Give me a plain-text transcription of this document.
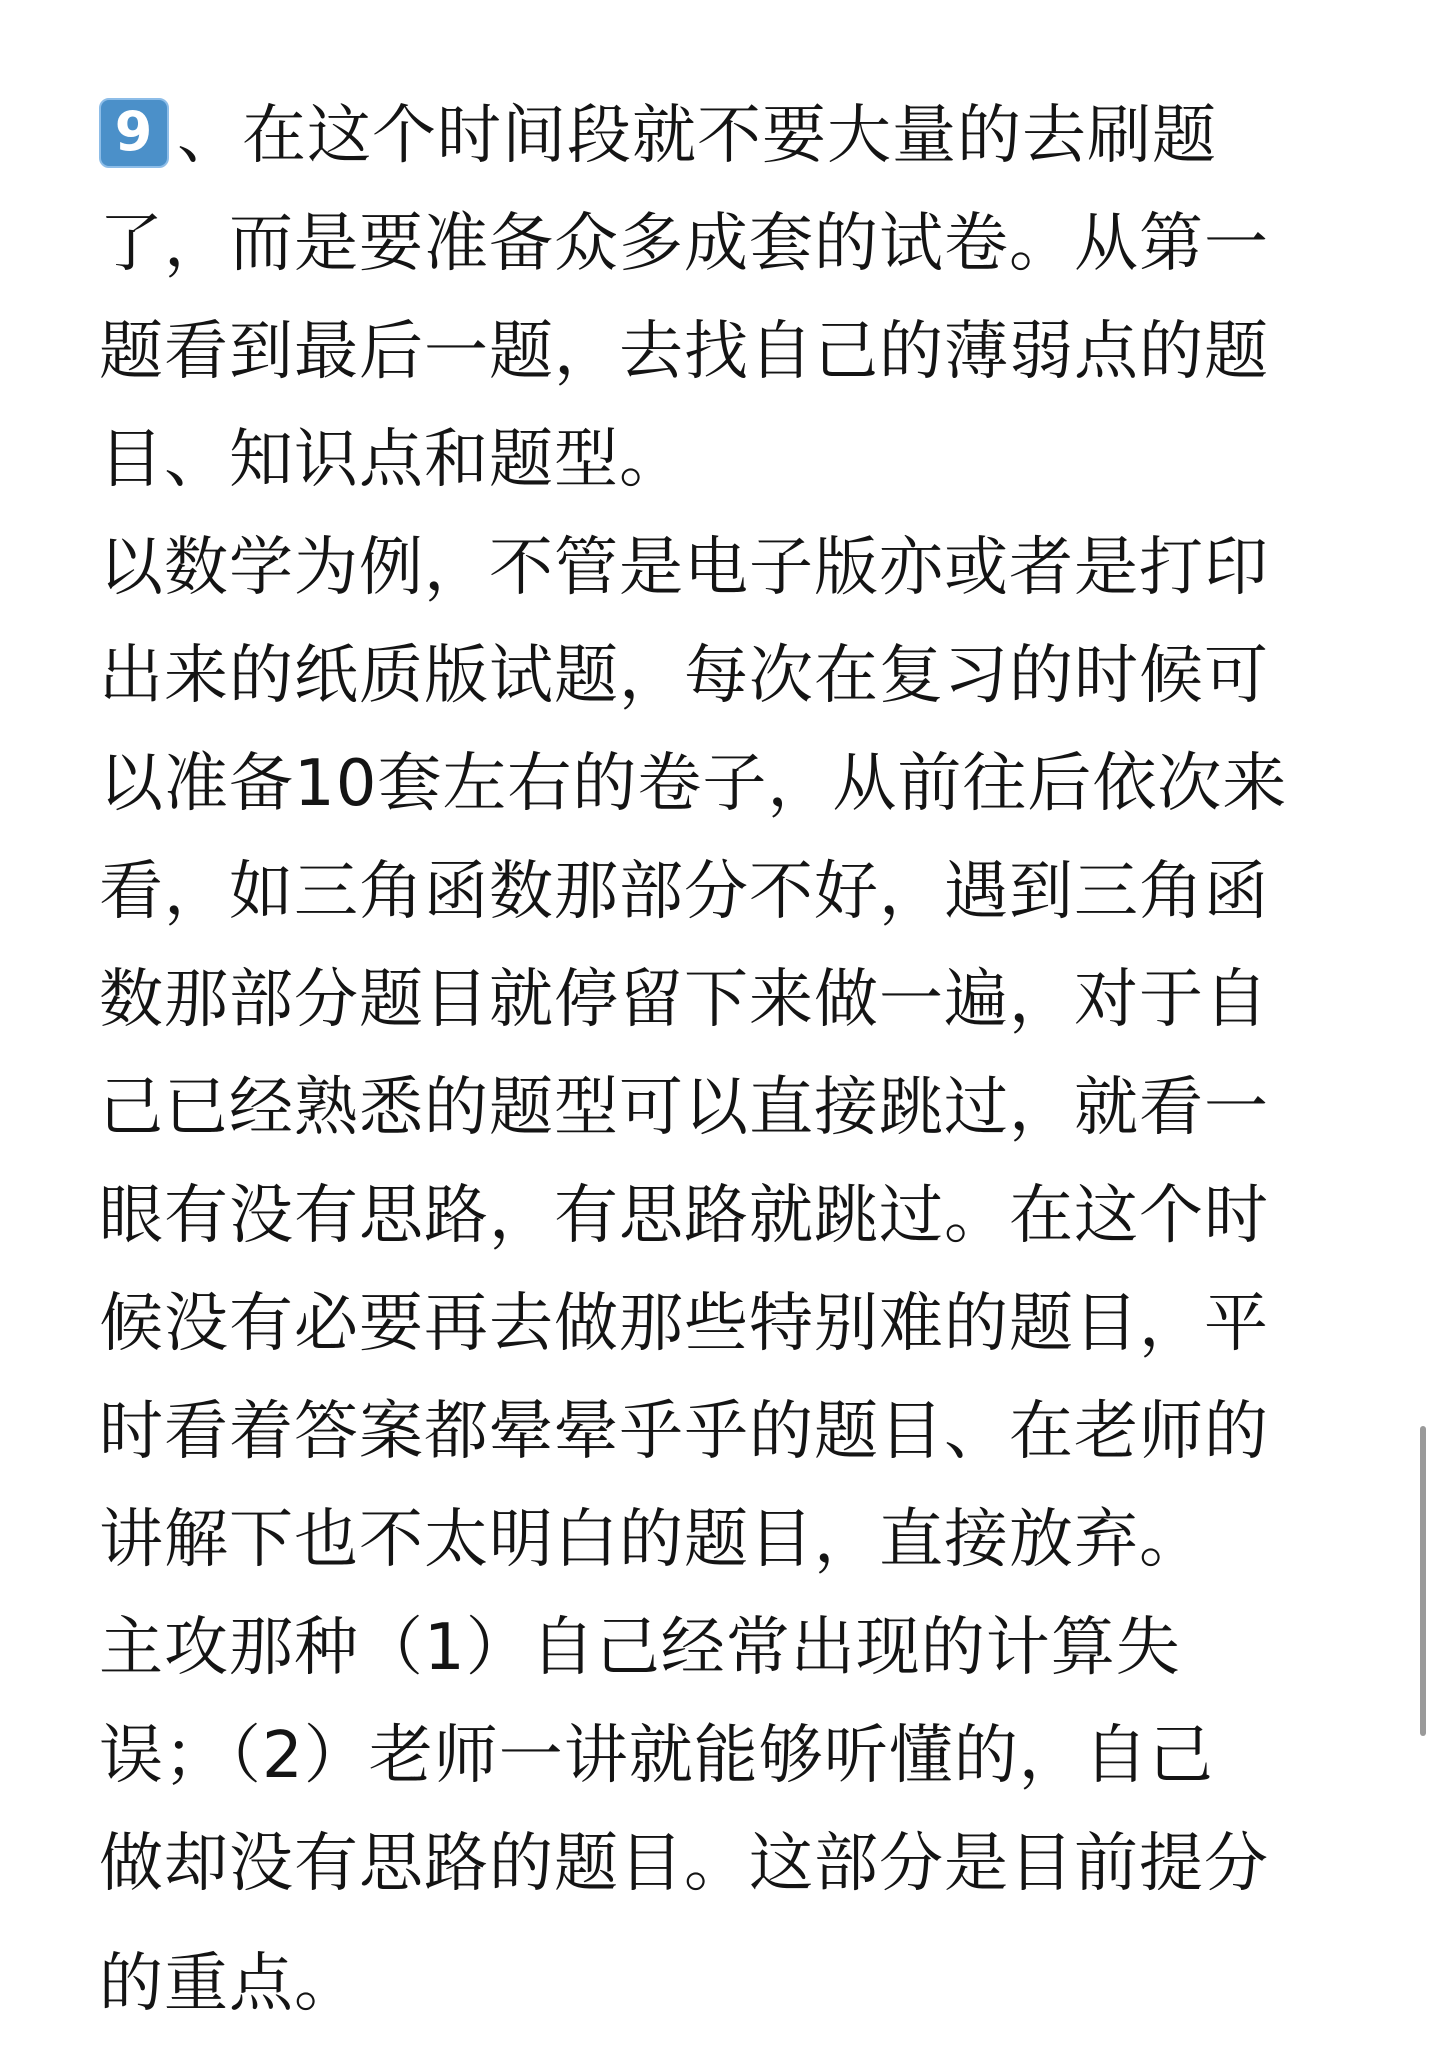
9 、在这个时间段就不要大量的去刷题
了，而是要准备众多成套的试卷。从第一
题看到最后一题，去找自己的薄弱点的题
目、知识点和题型。
以数学为例，不管是电子版亦或者是打印
出来的纸质版试题，每次在复习的时候可
以准备10套左右的卷子，从前往后依次来
看，如三角函数那部分不好，遇到三角函
数那部分题目就停留下来做一遍，对于自
己已经熟悉的题型可以直接跳过，就看一
眼有没有思路，有思路就跳过。在这个时
候没有必要再去做那些特别难的题目，平
时看着答案都晕晕乎乎的题目、在老师的
讲解下也不太明白的题目，直接放弃。
主攻那种（1）自己经常出现的计算失
误；（2）老师一讲就能够听懂的，自己
做却没有思路的题目。这部分是目前提分
的重点。
